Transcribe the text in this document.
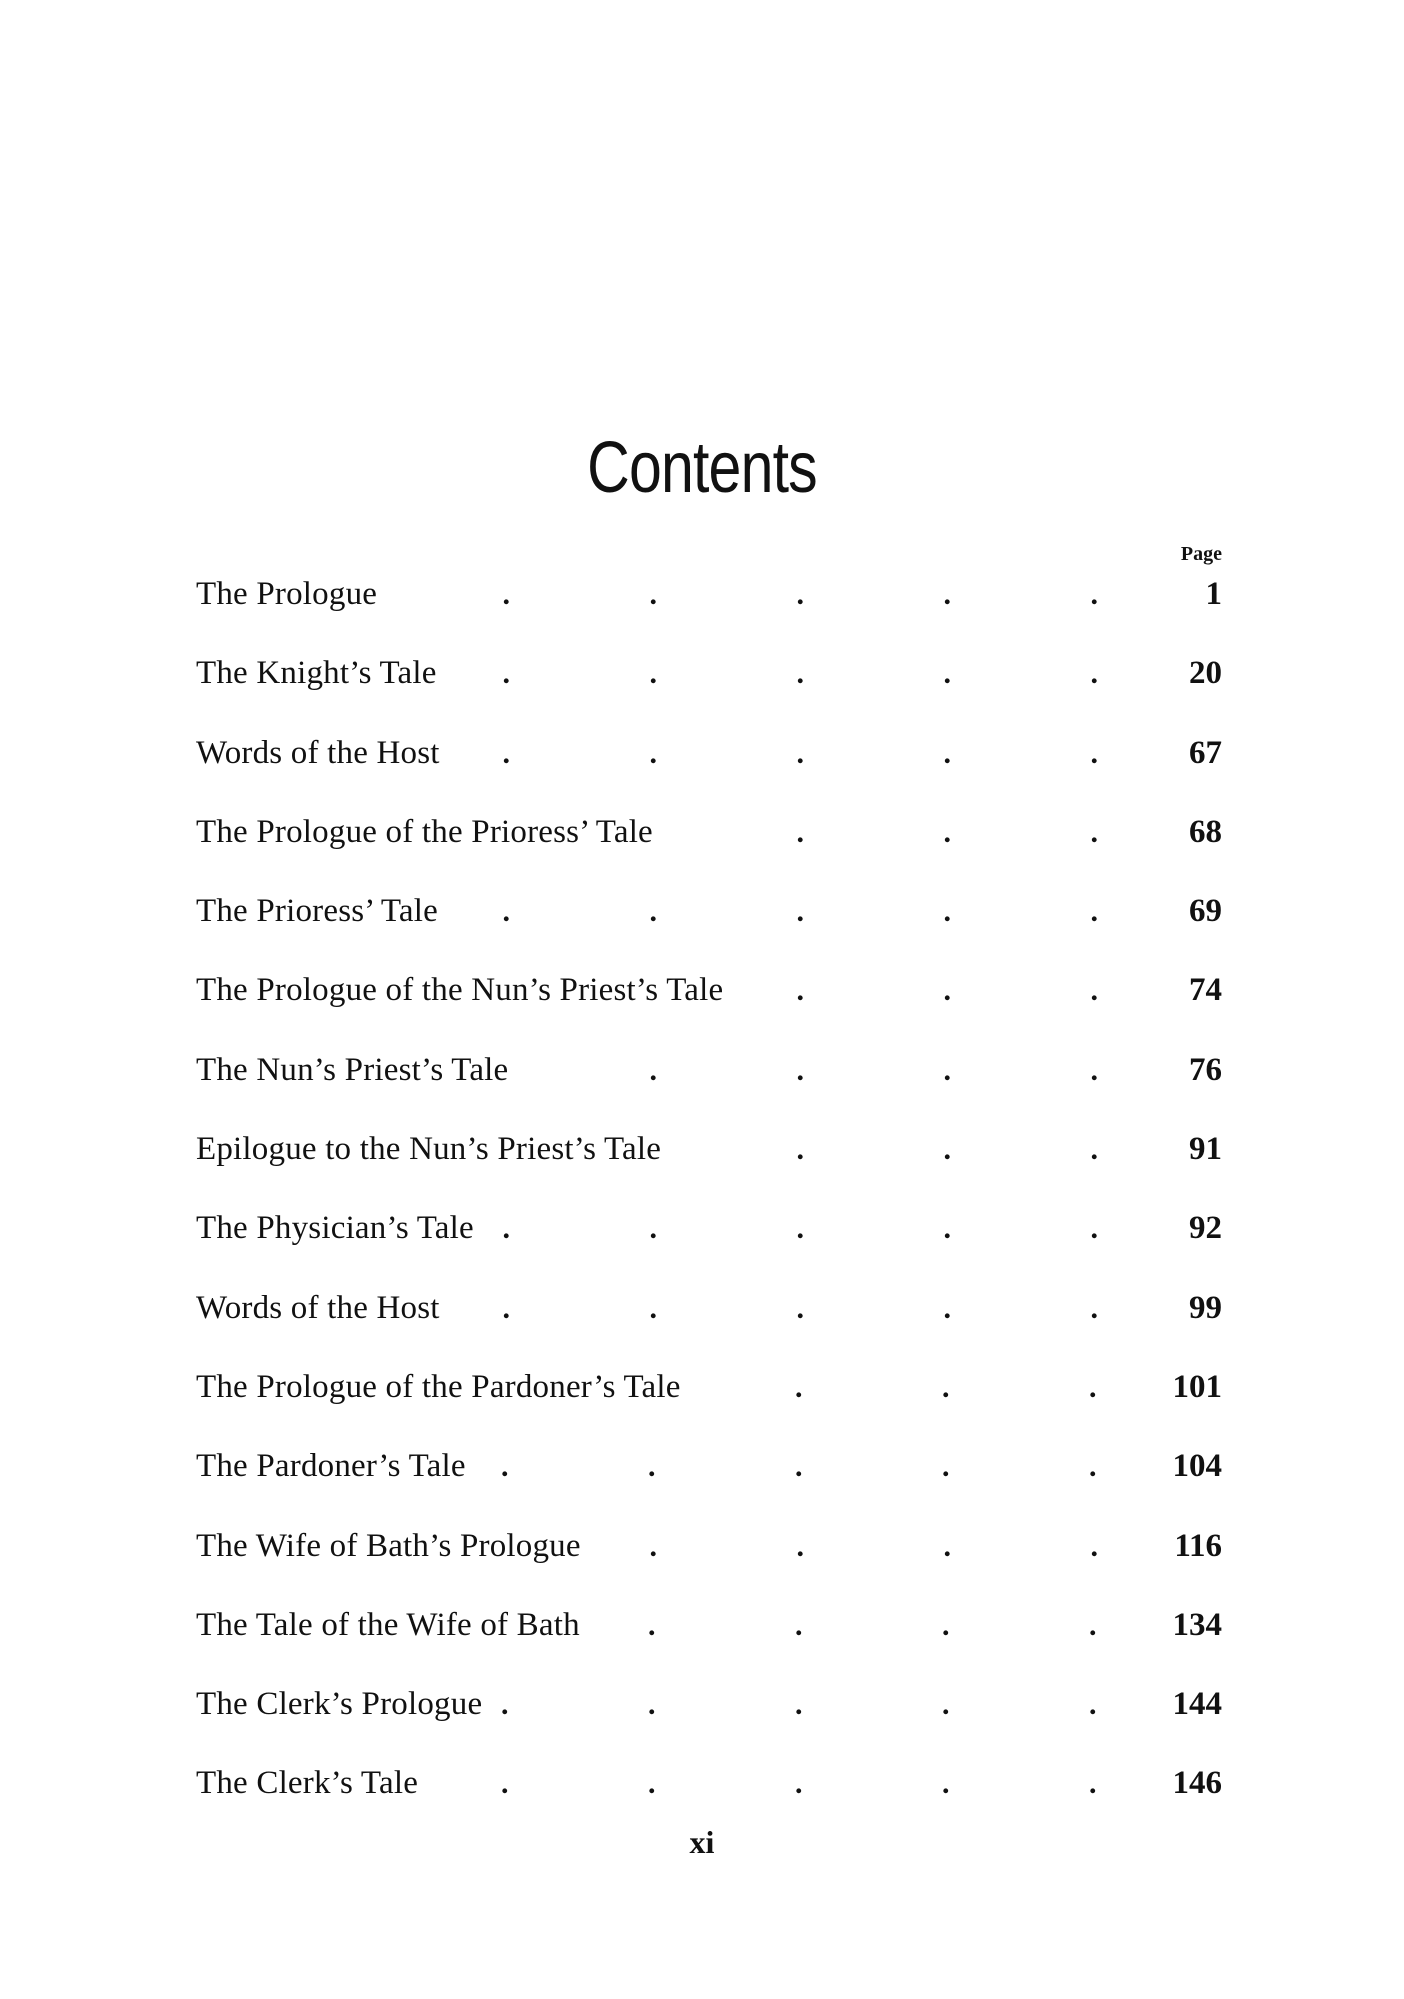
Contents
Page
The Prologue . . .	1
The Knight’s Tale . . .	20
Words of the Host . . .	67
The Prologue of the Prioress’ Tale . . .	68
The Prioress’ Tale . . .	69
The Prologue of the Nun’s Priest’s Tale . . .	74
The Nun’s Priest’s Tale . . .	76
Epilogue to the Nun’s Priest’s Tale . . .	91
The Physician’s Tale . . .	92
Words of the Host . . .	99
The Prologue of the Pardoner’s Tale . . .	101
The Pardoner’s Tale . . .	104
The Wife of Bath’s Prologue . . .	116
The Tale of the Wife of Bath . . .	134
The Clerk’s Prologue . . .	144
The Clerk’s Tale . . .	146
xi
